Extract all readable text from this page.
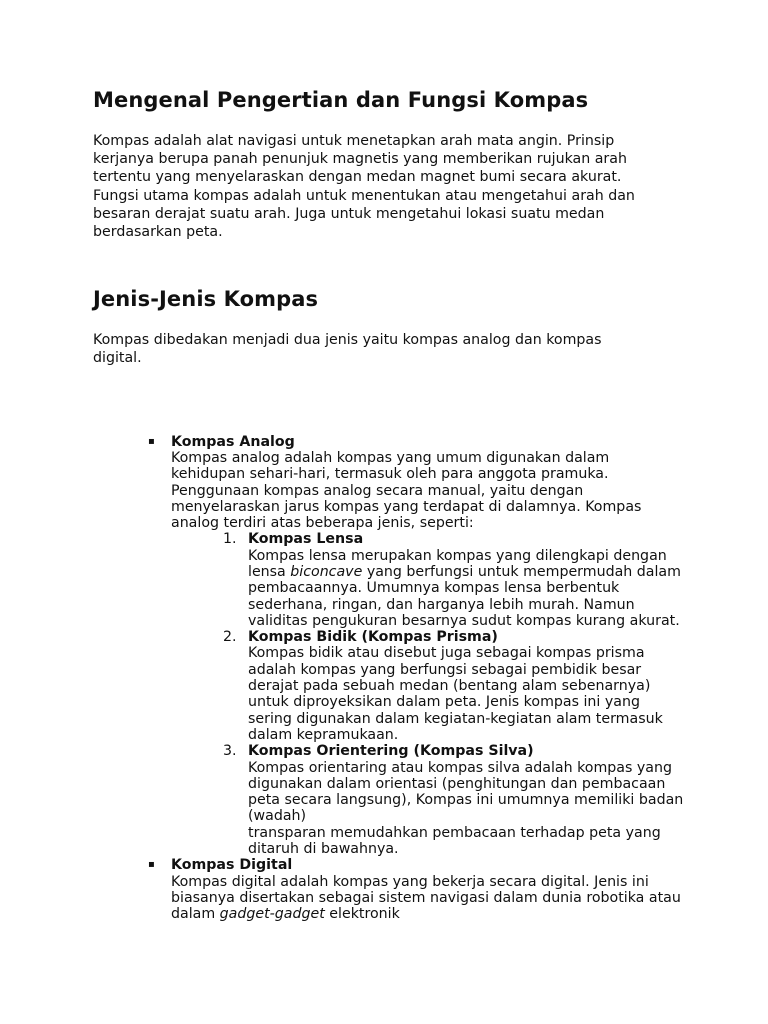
Mengenal Pengertian dan Fungsi Kompas

Kompas adalah alat navigasi untuk menetapkan arah mata angin. Prinsip kerjanya berupa panah penunjuk magnetis yang memberikan rujukan arah tertentu yang menyelaraskan dengan medan magnet bumi secara akurat. Fungsi utama kompas adalah untuk menentukan atau mengetahui arah dan besaran derajat suatu arah. Juga untuk mengetahui lokasi suatu medan berdasarkan peta.

Jenis-Jenis Kompas

Kompas dibedakan menjadi dua jenis yaitu kompas analog dan kompas digital.

▪ Kompas Analog
Kompas analog adalah kompas yang umum digunakan dalam kehidupan sehari-hari, termasuk oleh para anggota pramuka. Penggunaan kompas analog secara manual, yaitu dengan menyelaraskan jarus kompas yang terdapat di dalamnya. Kompas analog terdiri atas beberapa jenis, seperti:
1. Kompas Lensa
Kompas lensa merupakan kompas yang dilengkapi dengan lensa biconcave yang berfungsi untuk mempermudah dalam pembacaannya. Umumnya kompas lensa berbentuk sederhana, ringan, dan harganya lebih murah. Namun validitas pengukuran besarnya sudut kompas kurang akurat.
2. Kompas Bidik (Kompas Prisma)
Kompas bidik atau disebut juga sebagai kompas prisma adalah kompas yang berfungsi sebagai pembidik besar derajat pada sebuah medan (bentang alam sebenarnya) untuk diproyeksikan dalam peta. Jenis kompas ini yang sering digunakan dalam kegiatan-kegiatan alam termasuk dalam kepramukaan.
3. Kompas Orientering (Kompas Silva)
Kompas orientaring atau kompas silva adalah kompas yang digunakan dalam orientasi (penghitungan dan pembacaan peta secara langsung), Kompas ini umumnya memiliki badan (wadah)
transparan memudahkan pembacaan terhadap peta yang ditaruh di bawahnya.
▪ Kompas Digital
Kompas digital adalah kompas yang bekerja secara digital. Jenis ini biasanya disertakan sebagai sistem navigasi dalam dunia robotika atau dalam gadget-gadget elektronik
